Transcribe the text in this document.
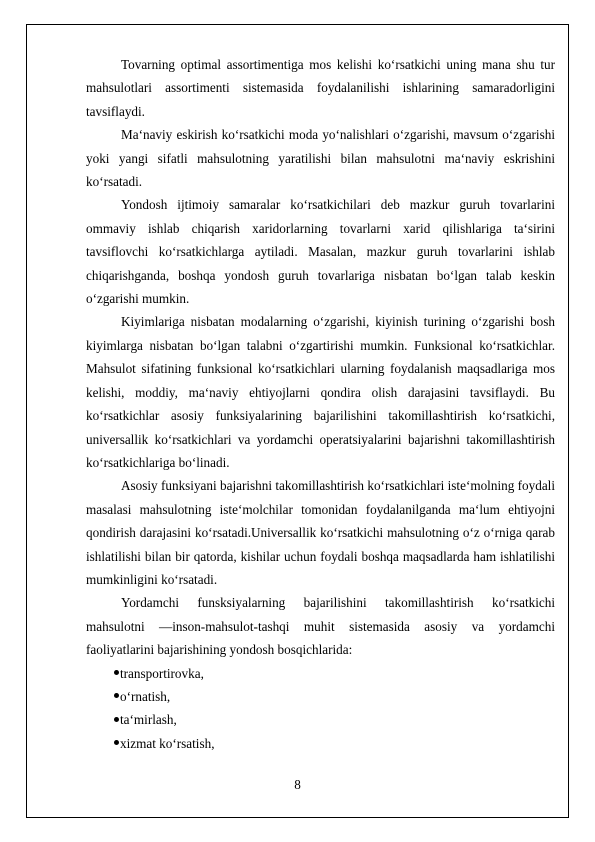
Tovarning optimal assortimentiga mos kelishi ko‘rsatkichi uning mana shu tur mahsulotlari assortimenti sistemasida foydalanilishi ishlarining samaradorligini tavsiflaydi.

Ma‘naviy eskirish ko‘rsatkichi moda yo‘nalishlari o‘zgarishi, mavsum o‘zgarishi yoki yangi sifatli mahsulotning yaratilishi bilan mahsulotni ma‘naviy eskrishini ko‘rsatadi.

Yondosh ijtimoiy samaralar ko‘rsatkichilari deb mazkur guruh tovarlarini ommaviy ishlab chiqarish xaridorlarning tovarlarni xarid qilishlariga ta‘sirini tavsiflovchi ko‘rsatkichlarga aytiladi. Masalan, mazkur guruh tovarlarini ishlab chiqarishganda, boshqa yondosh guruh tovarlariga nisbatan bo‘lgan talab keskin o‘zgarishi mumkin.

Kiyimlariga nisbatan modalarning o‘zgarishi, kiyinish turining o‘zgarishi bosh kiyimlarga nisbatan bo‘lgan talabni o‘zgartirishi mumkin. Funksional ko‘rsatkichlar. Mahsulot sifatining funksional ko‘rsatkichlari ularning foydalanish maqsadlariga mos kelishi, moddiy, ma‘naviy ehtiyojlarni qondira olish darajasini tavsiflaydi. Bu ko‘rsatkichlar asosiy funksiyalarining bajarilishini takomillashtirish ko‘rsatkichi, universallik ko‘rsatkichlari va yordamchi operatsiyalarini bajarishni takomillashtirish ko‘rsatkichlariga bo‘linadi.

Asosiy funksiyani bajarishni takomillashtirish ko‘rsatkichlari iste‘molning foydali masalasi mahsulotning iste‘molchilar tomonidan foydalanilganda ma‘lum ehtiyojni qondirish darajasini ko‘rsatadi.Universallik ko‘rsatkichi mahsulotning o‘z o‘rniga qarab ishlatilishi bilan bir qatorda, kishilar uchun foydali boshqa maqsadlarda ham ishlatilishi mumkinligini ko‘rsatadi.

Yordamchi funsksiyalarning bajarilishini takomillashtirish ko‘rsatkichi mahsulotni ―inson-mahsulot-tashqi muhit sistemasida asosiy va yordamchi faoliyatlarini bajarishining yondosh bosqichlarida:

transportirovka,
o‘rnatish,
ta‘mirlash,
xizmat ko‘rsatish,
8
